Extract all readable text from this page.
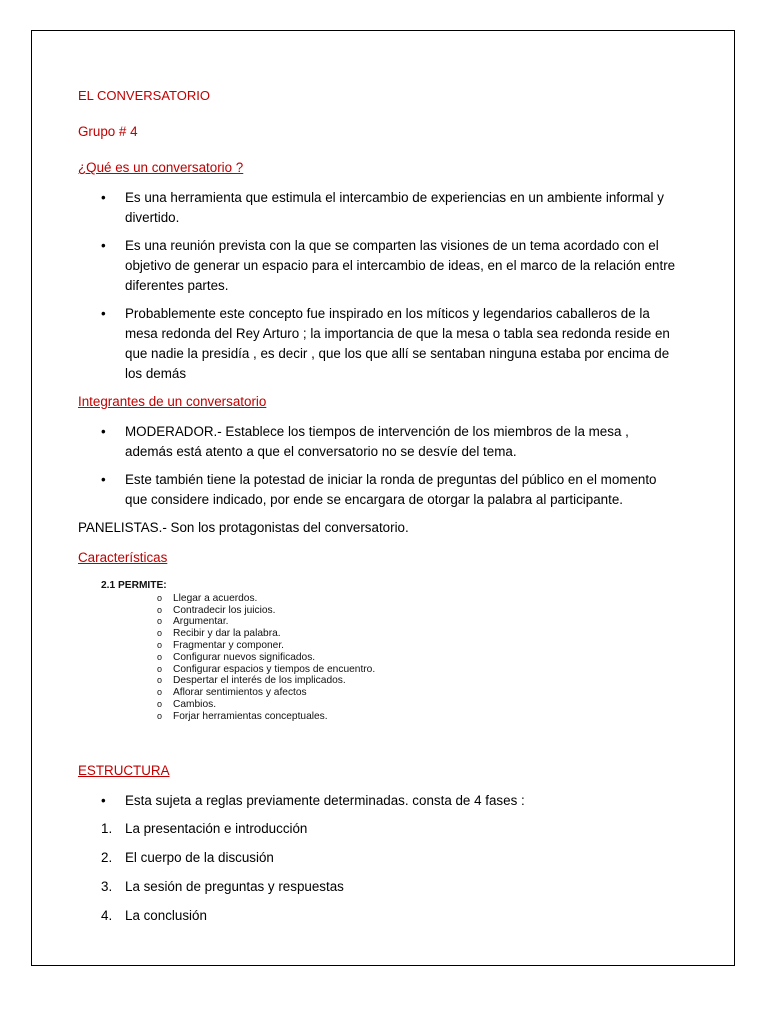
EL CONVERSATORIO
Grupo # 4
¿Qué es un conversatorio ?
• Es una herramienta que estimula el intercambio de experiencias en un ambiente informal y divertido.
• Es una reunión prevista con la que se comparten las visiones de un tema acordado con el objetivo de generar un espacio para el intercambio de ideas, en el marco de la relación entre diferentes partes.
• Probablemente este concepto fue inspirado en los míticos y legendarios caballeros de la mesa redonda del Rey Arturo ; la importancia de que la mesa o tabla sea redonda reside en que nadie la presidía , es decir , que los que allí se sentaban ninguna estaba por encima de los demás
Integrantes de un conversatorio
• MODERADOR.- Establece los tiempos de intervención de los miembros de la mesa , además está atento a que el conversatorio no se desvíe del tema.
• Este también tiene la potestad de iniciar la ronda de preguntas del público en el momento que considere indicado, por ende se encargara de otorgar la palabra al participante.
PANELISTAS.- Son los protagonistas del conversatorio.
Características
2.1 PERMITE:
o Llegar a acuerdos.
o Contradecir los juicios.
o Argumentar.
o Recibir y dar la palabra.
o Fragmentar y componer.
o Configurar nuevos significados.
o Configurar espacios y tiempos de encuentro.
o Despertar el interés de los implicados.
o Aflorar sentimientos y afectos
o Cambios.
o Forjar herramientas conceptuales.
ESTRUCTURA
• Esta sujeta a reglas previamente determinadas. consta de 4 fases :
1. La presentación e introducción
2. El cuerpo de la discusión
3. La sesión de preguntas y respuestas
4. La conclusión
